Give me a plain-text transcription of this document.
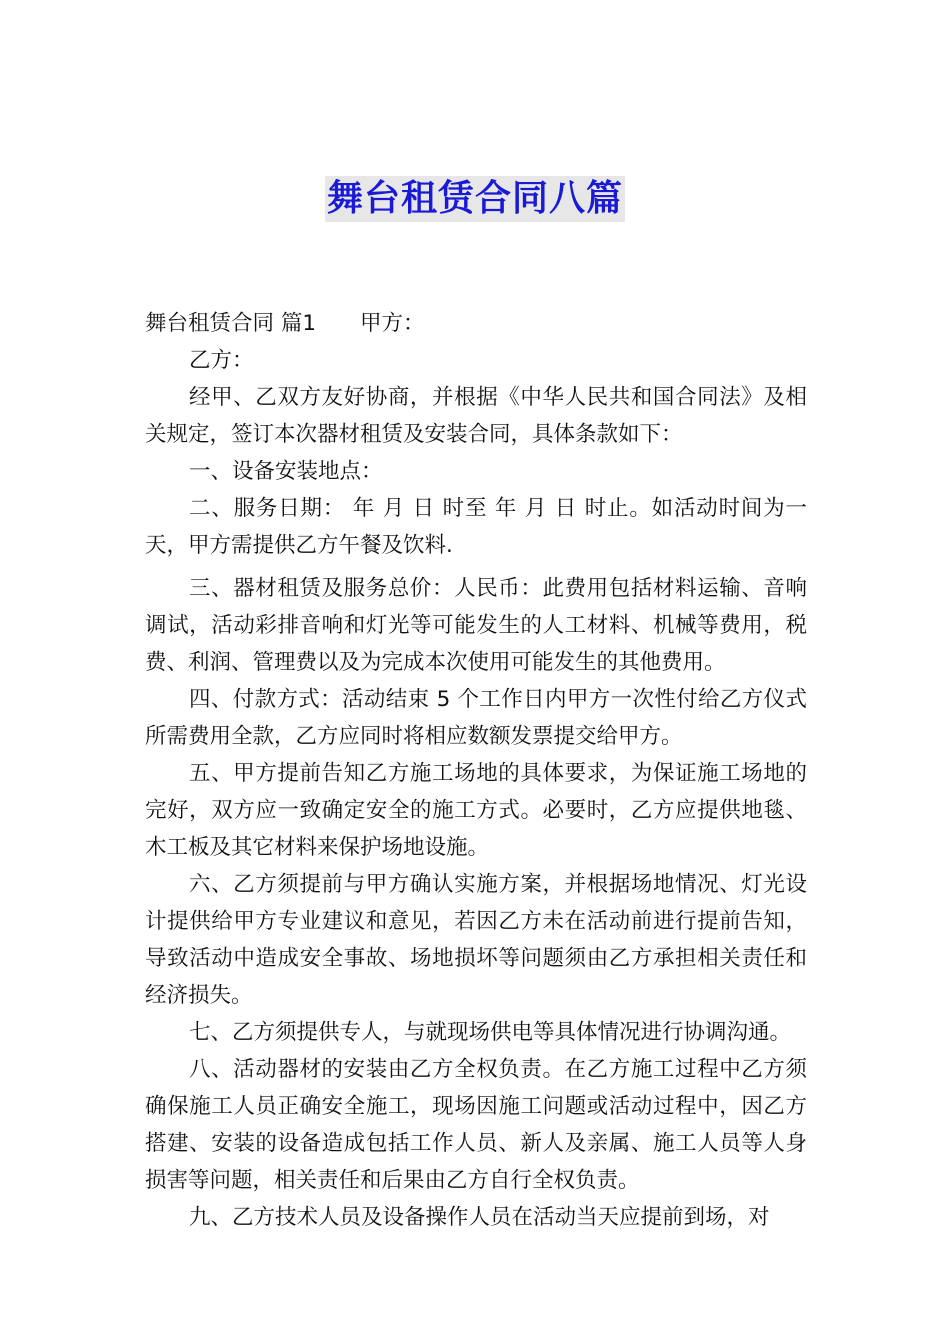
舞台租赁合同八篇

舞台租赁合同 篇1 甲方：

乙方：

经甲、乙双方友好协商，并根据《中华人民共和国合同法》及相关规定，签订本次器材租赁及安装合同，具体条款如下：

一、设备安装地点：

二、服务日期： 年 月 日 时至 年 月 日 时止。如活动时间为一天，甲方需提供乙方午餐及饮料.

三、器材租赁及服务总价：人民币：此费用包括材料运输、音响调试，活动彩排音响和灯光等可能发生的人工材料、机械等费用，税费、利润、管理费以及为完成本次使用可能发生的其他费用。

四、付款方式：活动结束 5 个工作日内甲方一次性付给乙方仪式所需费用全款，乙方应同时将相应数额发票提交给甲方。

五、甲方提前告知乙方施工场地的具体要求，为保证施工场地的完好，双方应一致确定安全的施工方式。必要时，乙方应提供地毯、木工板及其它材料来保护场地设施。

六、乙方须提前与甲方确认实施方案，并根据场地情况、灯光设计提供给甲方专业建议和意见，若因乙方未在活动前进行提前告知，导致活动中造成安全事故、场地损坏等问题须由乙方承担相关责任和经济损失。

七、乙方须提供专人，与就现场供电等具体情况进行协调沟通。

八、活动器材的安装由乙方全权负责。在乙方施工过程中乙方须确保施工人员正确安全施工，现场因施工问题或活动过程中，因乙方搭建、安装的设备造成包括工作人员、新人及亲属、施工人员等人身损害等问题，相关责任和后果由乙方自行全权负责。

九、乙方技术人员及设备操作人员在活动当天应提前到场，对
